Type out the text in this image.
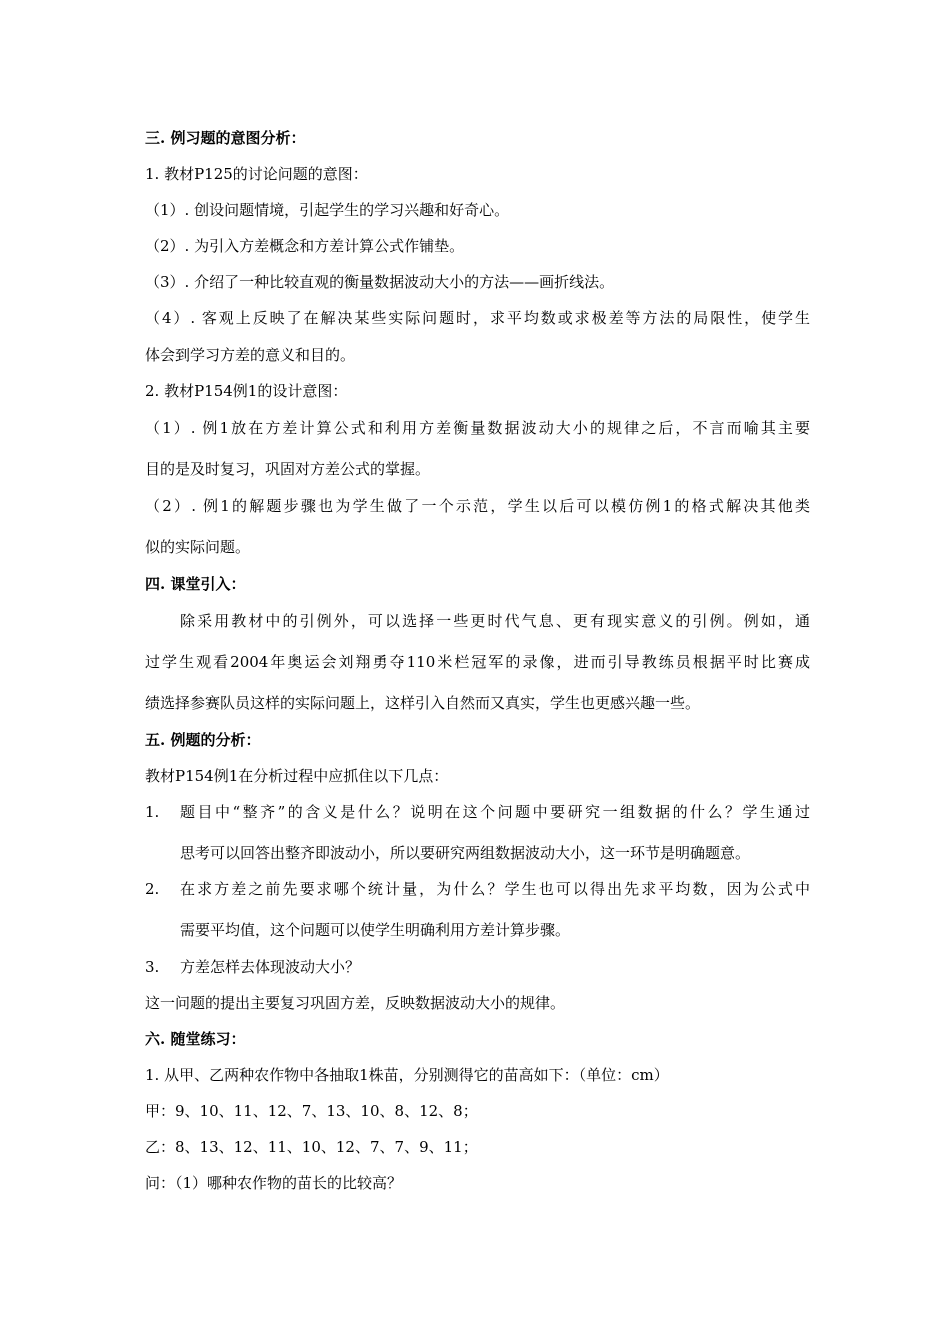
三. 例习题的意图分析：
1. 教材P125的讨论问题的意图：
（1）. 创设问题情境，引起学生的学习兴趣和好奇心。
（2）. 为引入方差概念和方差计算公式作铺垫。
（3）. 介绍了一种比较直观的衡量数据波动大小的方法——画折线法。
（4）. 客观上反映了在解决某些实际问题时，求平均数或求极差等方法的局限性，使学生
体会到学习方差的意义和目的。
2. 教材P154例1的设计意图：
（1）. 例1放在方差计算公式和利用方差衡量数据波动大小的规律之后，不言而喻其主要
目的是及时复习，巩固对方差公式的掌握。
（2）. 例1的解题步骤也为学生做了一个示范，学生以后可以模仿例1的格式解决其他类
似的实际问题。
四. 课堂引入：
除采用教材中的引例外，可以选择一些更时代气息、更有现实意义的引例。例如，通
过学生观看2004年奥运会刘翔勇夺110米栏冠军的录像，进而引导教练员根据平时比赛成
绩选择参赛队员这样的实际问题上，这样引入自然而又真实，学生也更感兴趣一些。
五. 例题的分析：
教材P154例1在分析过程中应抓住以下几点：
1.	题目中“整齐”的含义是什么？说明在这个问题中要研究一组数据的什么？学生通过
思考可以回答出整齐即波动小，所以要研究两组数据波动大小，这一环节是明确题意。
2.	在求方差之前先要求哪个统计量，为什么？学生也可以得出先求平均数，因为公式中
需要平均值，这个问题可以使学生明确利用方差计算步骤。
3.	方差怎样去体现波动大小？
这一问题的提出主要复习巩固方差，反映数据波动大小的规律。
六. 随堂练习：
1. 从甲、乙两种农作物中各抽取1株苗，分别测得它的苗高如下：（单位：cm）
甲：9、10、11、12、7、13、10、8、12、8；
乙：8、13、12、11、10、12、7、7、9、11；
问：（1）哪种农作物的苗长的比较高？
